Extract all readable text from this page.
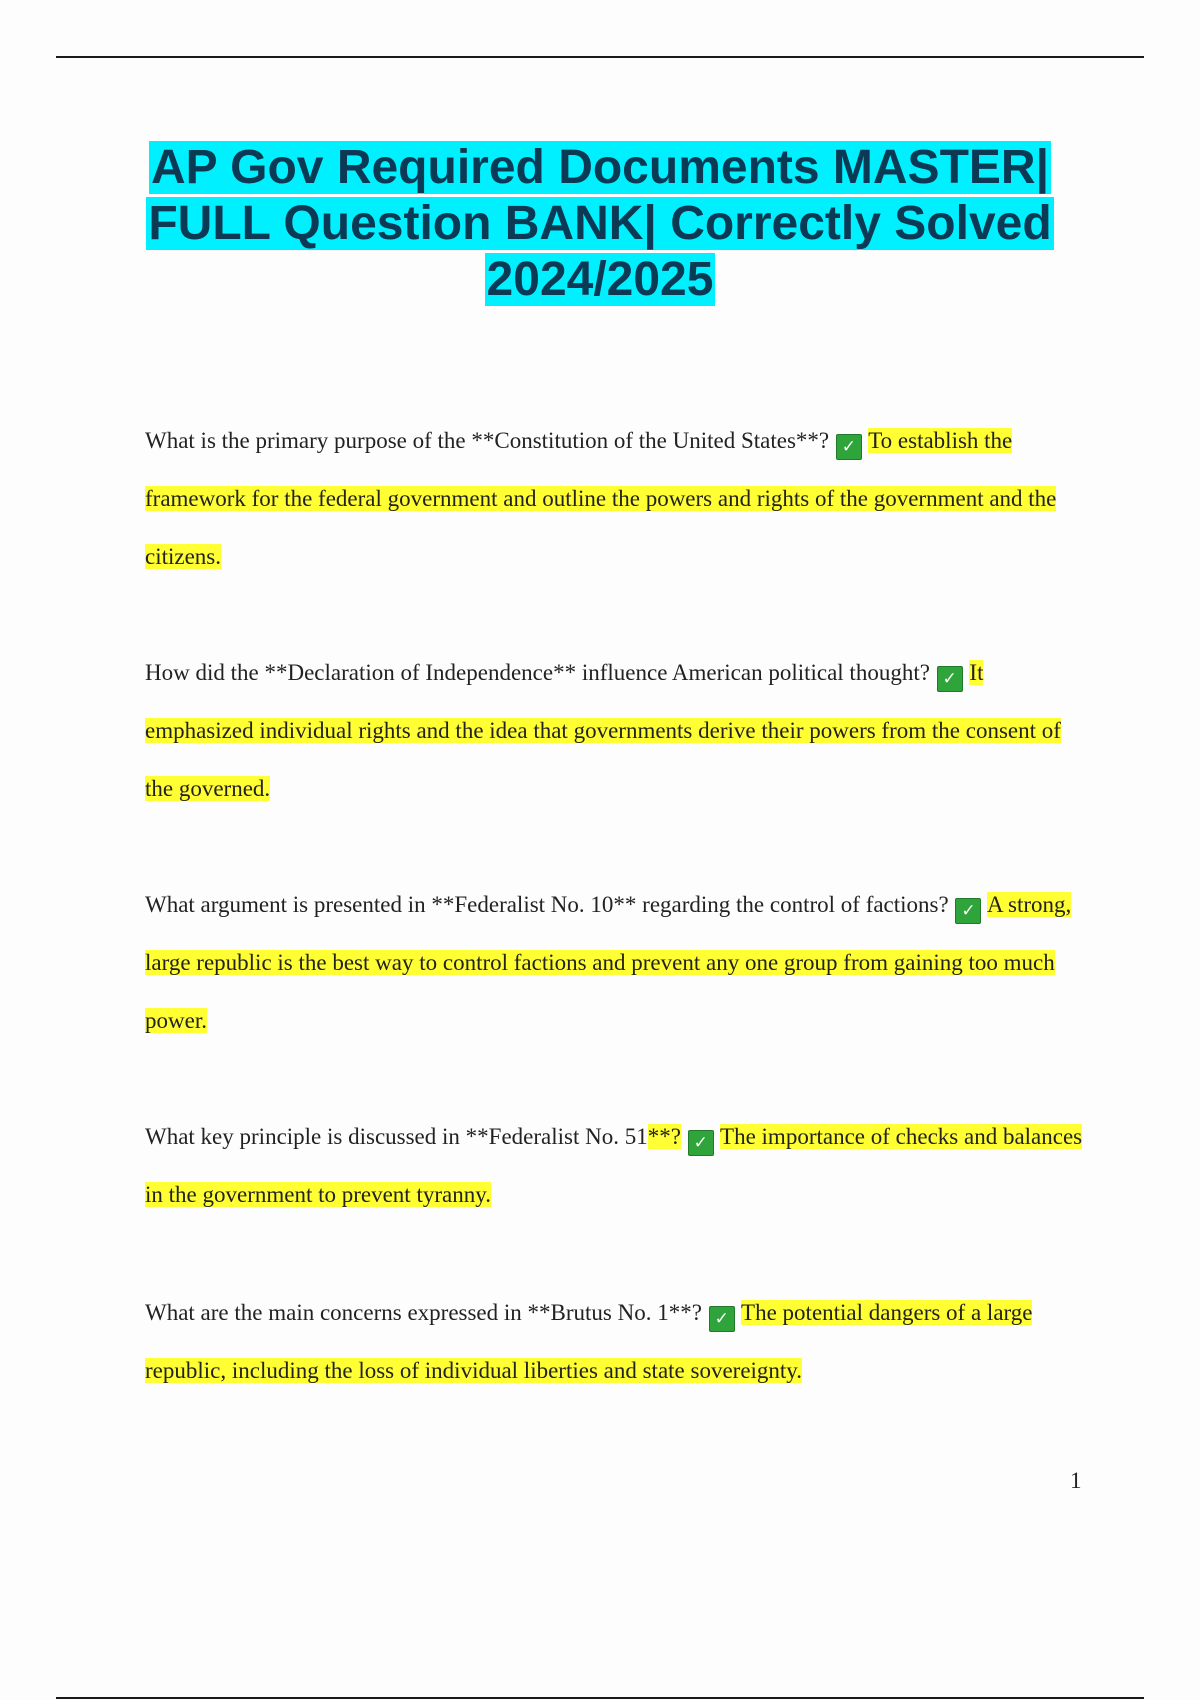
AP Gov Required Documents MASTER|
FULL Question BANK| Correctly Solved
2024/2025

What is the primary purpose of the **Constitution of the United States**? ✓ To establish the framework for the federal government and outline the powers and rights of the government and the citizens.

How did the **Declaration of Independence** influence American political thought? ✓ It emphasized individual rights and the idea that governments derive their powers from the consent of the governed.

What argument is presented in **Federalist No. 10** regarding the control of factions? ✓ A strong, large republic is the best way to control factions and prevent any one group from gaining too much power.

What key principle is discussed in **Federalist No. 51**? ✓ The importance of checks and balances in the government to prevent tyranny.

What are the main concerns expressed in **Brutus No. 1**? ✓ The potential dangers of a large republic, including the loss of individual liberties and state sovereignty.

1
